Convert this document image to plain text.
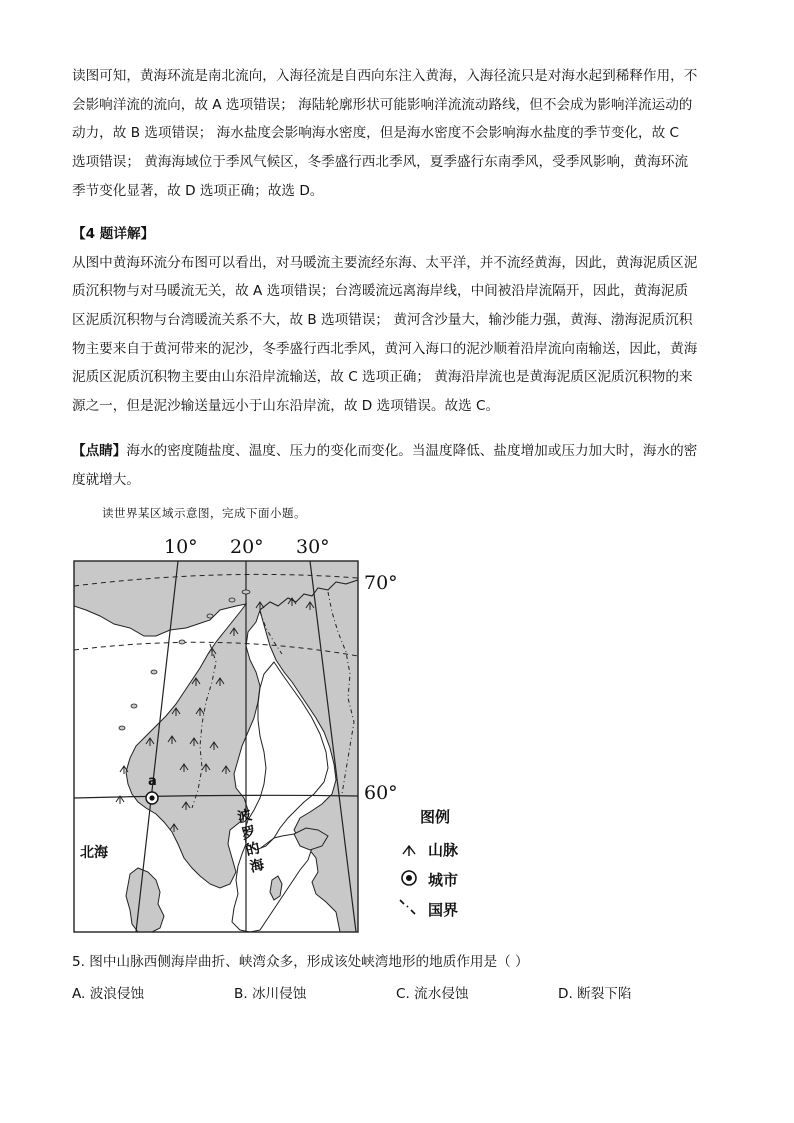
读图可知，黄海环流是南北流向，入海径流是自西向东注入黄海，入海径流只是对海水起到稀释作用，不
会影响洋流的流向，故 A 选项错误； 海陆轮廓形状可能影响洋流流动路线，但不会成为影响洋流运动的
动力，故 B 选项错误； 海水盐度会影响海水密度，但是海水密度不会影响海水盐度的季节变化，故 C
选项错误； 黄海海域位于季风气候区，冬季盛行西北季风，夏季盛行东南季风，受季风影响，黄海环流
季节变化显著，故 D 选项正确；故选 D。
【4 题详解】
从图中黄海环流分布图可以看出，对马暖流主要流经东海、太平洋，并不流经黄海，因此，黄海泥质区泥
质沉积物与对马暖流无关，故 A 选项错误；台湾暖流远离海岸线，中间被沿岸流隔开，因此，黄海泥质
区泥质沉积物与台湾暖流关系不大，故 B 选项错误； 黄河含沙量大，输沙能力强，黄海、渤海泥质沉积
物主要来自于黄河带来的泥沙，冬季盛行西北季风，黄河入海口的泥沙顺着沿岸流向南输送，因此，黄海
泥质区泥质沉积物主要由山东沿岸流输送，故 C 选项正确； 黄海沿岸流也是黄海泥质区泥质沉积物的来
源之一，但是泥沙输送量远小于山东沿岸流，故 D 选项错误。故选 C。
【点睛】海水的密度随盐度、温度、压力的变化而变化。当温度降低、盐度增加或压力加大时，海水的密
度就增大。
读世界某区域示意图，完成下面小题。
10° 20° 30°
70°
60°
a
北海
波
罗
的
海
图例
山脉
城市
国界
5. 图中山脉西侧海岸曲折、峡湾众多，形成该处峡湾地形的地质作用是（ ）
A. 波浪侵蚀	B. 冰川侵蚀	C. 流水侵蚀	D. 断裂下陷
